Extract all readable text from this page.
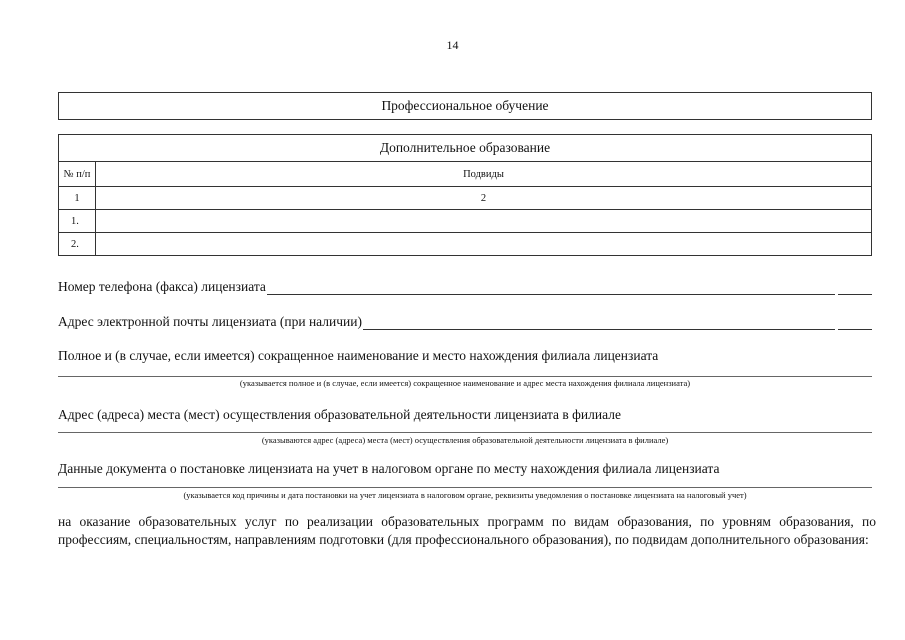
14
Профессиональное обучение
Дополнительное образование	
№ п/п	Подвиды
1	2
1.	
2.	
Номер телефона (факса) лицензиата
Адрес электронной почты лицензиата (при наличии)
Полное и (в случае, если имеется) сокращенное наименование и место нахождения филиала лицензиата
(указывается полное и (в случае, если имеется) сокращенное наименование и адрес места нахождения филиала лицензиата)
Адрес (адреса) места (мест) осуществления образовательной деятельности лицензиата в филиале
(указываются адрес (адреса) места (мест) осуществления образовательной деятельности лицензиата в филиале)
Данные документа о постановке лицензиата на учет в налоговом органе по месту нахождения филиала лицензиата
(указывается код причины и дата постановки на учет лицензиата в налоговом органе, реквизиты уведомления о постановке лицензиата на налоговый учет)
на оказание образовательных услуг по реализации образовательных программ по видам образования, по уровням образования, по профессиям, специальностям, направлениям подготовки (для профессионального образования), по подвидам дополнительного образования:
